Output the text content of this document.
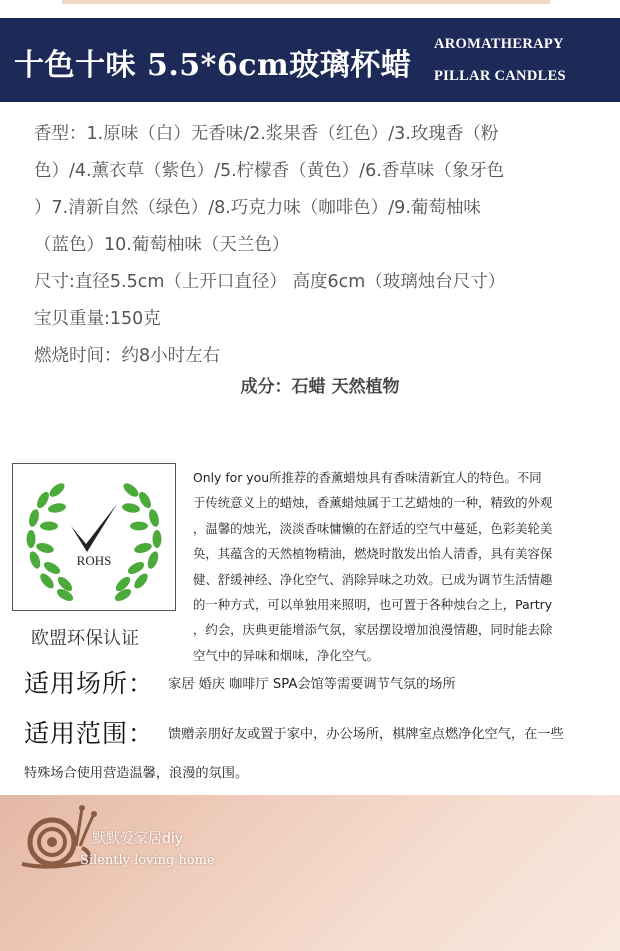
十色十味 5.5*6cm玻璃杯蜡
AROMATHERAPY
PILLAR CANDLES

香型：1.原味（白）无香味/2.浆果香（红色）/3.玫瑰香（粉

色）/4.薰衣草（紫色）/5.柠檬香（黄色）/6.香草味（象牙色

）7.清新自然（绿色）/8.巧克力味（咖啡色）/9.葡萄柚味

（蓝色）10.葡萄柚味（天兰色）

尺寸:直径5.5cm（上开口直径） 高度6cm（玻璃烛台尺寸）

宝贝重量:150克

燃烧时间：约8小时左右

成分：石蜡 天然植物
ROHS
欧盟环保认证

Only for you所推荐的香薰蜡烛具有香味清新宜人的特色。不同

于传统意义上的蜡烛，香薰蜡烛属于工艺蜡烛的一种，精致的外观

，温馨的烛光，淡淡香味慵懒的在舒适的空气中蔓延，色彩美轮美

奂，其蕴含的天然植物精油，燃烧时散发出怡人清香，具有美容保

健、舒缓神经、净化空气、消除异味之功效。已成为调节生活情趣

的一种方式，可以单独用来照明，也可置于各种烛台之上，Partry

，约会，庆典更能增添气氛，家居摆设增加浪漫情趣，同时能去除

空气中的异味和烟味，净化空气。

适用场所： 家居 婚庆 咖啡厅 SPA会馆等需要调节气氛的场所
适用范围： 馈赠亲朋好友或置于家中，办公场所，棋牌室点燃净化空气，在一些
特殊场合使用营造温馨，浪漫的氛围。
默默爱家居diy
Silently loving home
